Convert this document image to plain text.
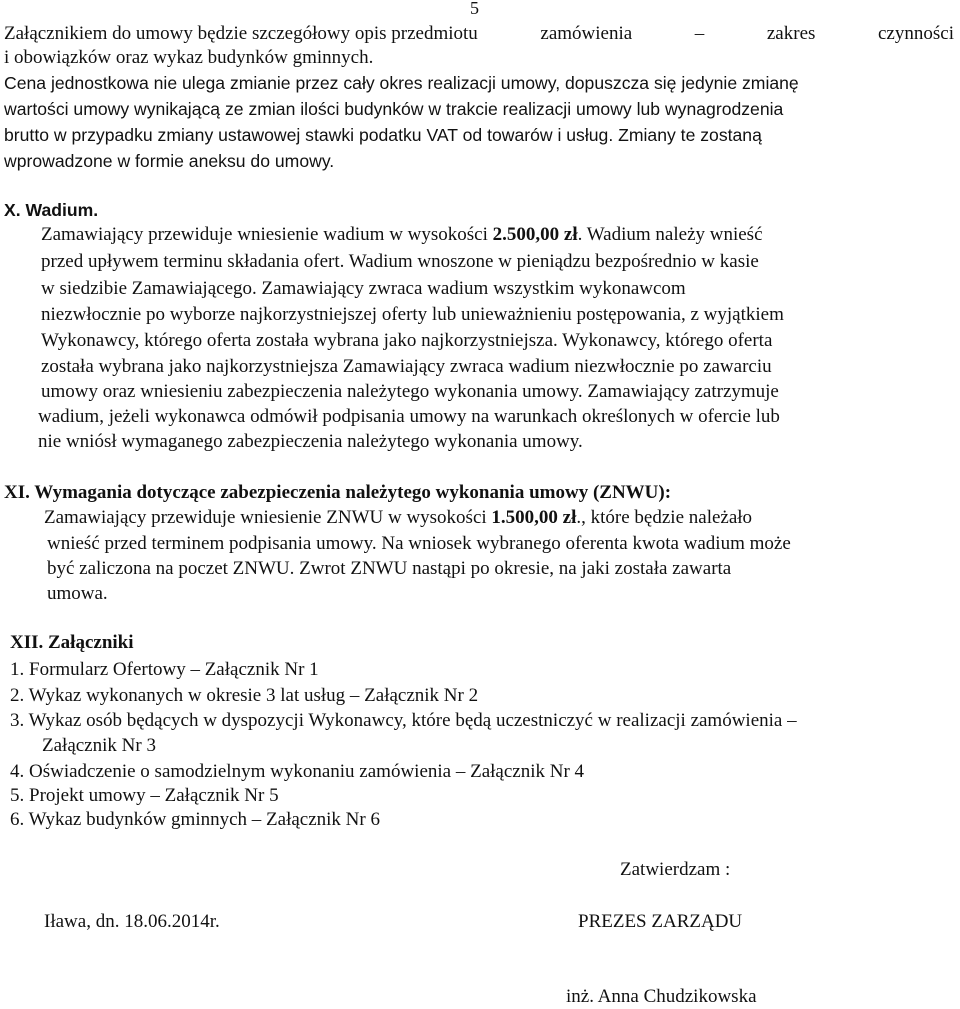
5
Załącznikiem do umowy będzie szczegółowy opis przedmiotu	zamówienia	–	zakres	czynności
i obowiązków oraz wykaz budynków gminnych.
Cena jednostkowa nie ulega zmianie przez cały okres realizacji umowy, dopuszcza się jedynie zmianę
wartości umowy wynikającą ze zmian ilości budynków w trakcie realizacji umowy lub wynagrodzenia
brutto w przypadku zmiany ustawowej stawki podatku VAT od towarów i usług. Zmiany te zostaną
wprowadzone w formie aneksu do umowy.
X. Wadium.
Zamawiający przewiduje wniesienie wadium w wysokości 2.500,00 zł. Wadium należy wnieść
przed upływem terminu składania ofert. Wadium wnoszone w pieniądzu bezpośrednio w kasie
w siedzibie Zamawiającego. Zamawiający zwraca wadium wszystkim wykonawcom
niezwłocznie po wyborze najkorzystniejszej oferty lub unieważnieniu postępowania, z wyjątkiem
Wykonawcy, którego oferta została wybrana jako najkorzystniejsza. Wykonawcy, którego oferta
została wybrana jako najkorzystniejsza Zamawiający zwraca wadium niezwłocznie po zawarciu
umowy oraz wniesieniu zabezpieczenia należytego wykonania umowy. Zamawiający zatrzymuje
wadium, jeżeli wykonawca odmówił podpisania umowy na warunkach określonych w ofercie lub
nie wniósł wymaganego zabezpieczenia należytego wykonania umowy.
XI. Wymagania dotyczące zabezpieczenia należytego wykonania umowy (ZNWU):
Zamawiający przewiduje wniesienie ZNWU w wysokości 1.500,00 zł., które będzie należało
wnieść przed terminem podpisania umowy. Na wniosek wybranego oferenta kwota wadium może
być zaliczona na poczet ZNWU. Zwrot ZNWU nastąpi po okresie, na jaki została zawarta
umowa.
XII. Załączniki
1. Formularz Ofertowy – Załącznik Nr 1
2. Wykaz wykonanych w okresie 3 lat usług – Załącznik Nr 2
3. Wykaz osób będących w dyspozycji Wykonawcy, które będą uczestniczyć w realizacji zamówienia –
Załącznik Nr 3
4. Oświadczenie o samodzielnym wykonaniu zamówienia – Załącznik Nr 4
5. Projekt umowy – Załącznik Nr 5
6. Wykaz budynków gminnych – Załącznik Nr 6
Zatwierdzam :
Iława, dn. 18.06.2014r.	PREZES ZARZĄDU
inż. Anna Chudzikowska
